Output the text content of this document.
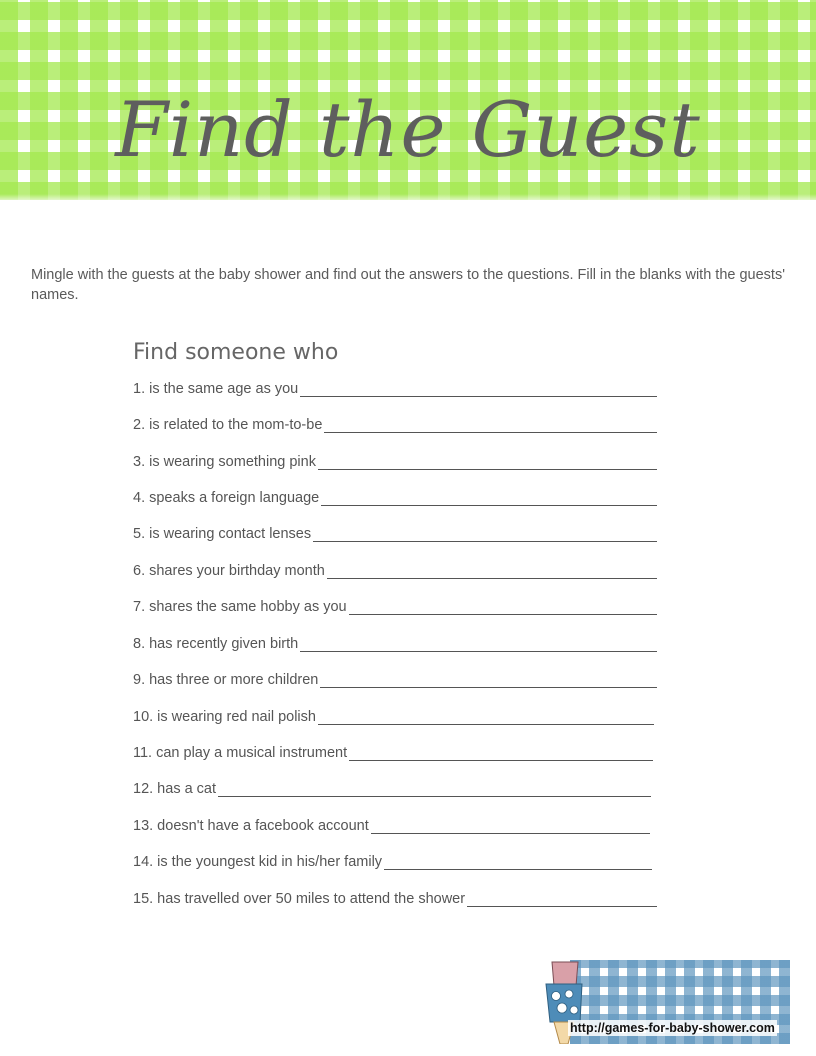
Find the Guest
Mingle with the guests at the baby shower and find out the answers to the questions. Fill in the blanks with the guests' names.
Find someone who
1. is the same age as you
2. is related to the mom-to-be
3. is wearing something pink
4. speaks a foreign language
5. is wearing contact lenses
6. shares your birthday month
7. shares the same hobby as you
8. has recently given birth
9. has three or more children
10. is wearing red nail polish
11. can play a musical instrument
12. has a cat
13. doesn't have a facebook account
14. is the youngest kid in his/her family
15. has travelled over 50 miles to attend the shower
http://games-for-baby-shower.com
